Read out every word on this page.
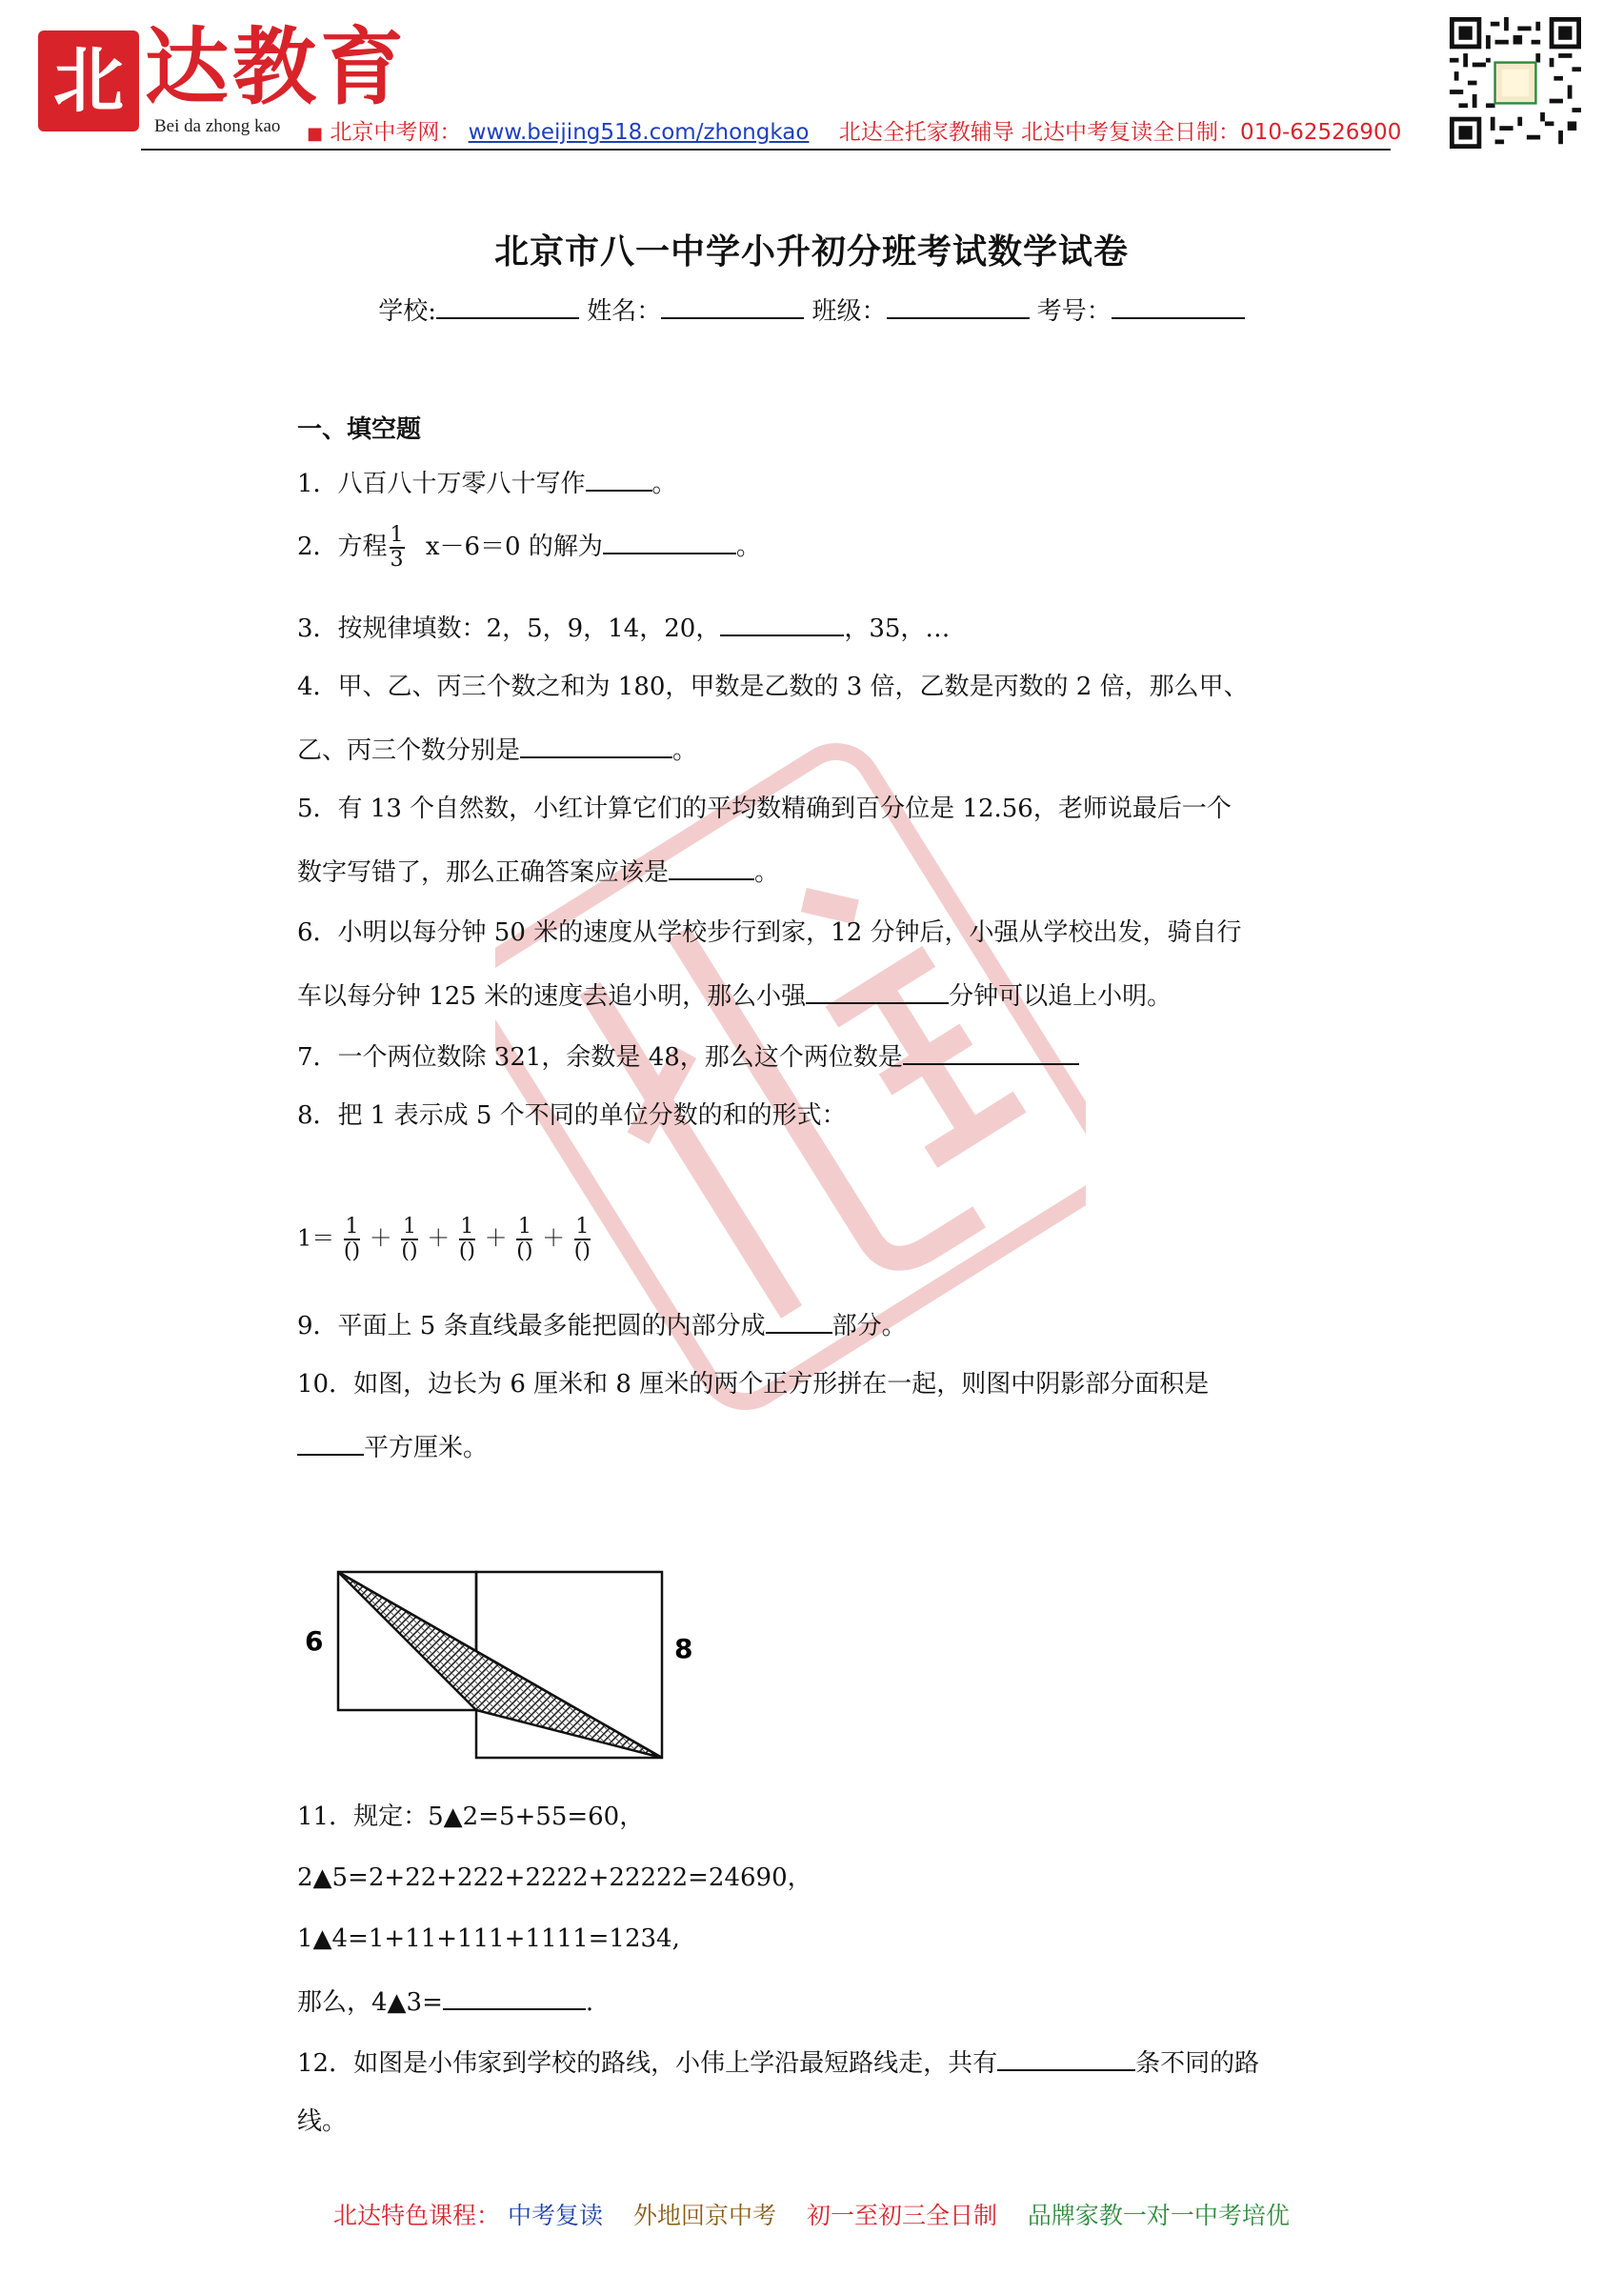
北 达教育
Bei da zhong kao ■ 北京中考网： www.beijing518.com/zhongkao 北达全托家教辅导 北达中考复读全日制：010-62526900
北京市八一中学小升初分班考试数学试卷
学校:	姓名：	班级：	考号：
一、填空题
1．八百八十万零八十写作	。
2．方程 $\frac{1}{3} x-6=0$ 的解为	。
3．按规律填数：2，5，9，14，20，	，35，…
4．甲、乙、丙三个数之和为 180，甲数是乙数的 3 倍，乙数是丙数的 2 倍，那么甲、
乙、丙三个数分别是	。
5．有 13 个自然数，小红计算它们的平均数精确到百分位是 12.56，老师说最后一个
数字写错了，那么正确答案应该是	。
6．小明以每分钟 50 米的速度从学校步行到家，12 分钟后，小强从学校出发，骑自行
车以每分钟 125 米的速度去追小明，那么小强	分钟可以追上小明。
7．一个两位数除 321，余数是 48，那么这个两位数是
8．把 1 表示成 5 个不同的单位分数的和的形式：
$1= \frac{1}{()} + \frac{1}{()} + \frac{1}{()} + \frac{1}{()} + \frac{1}{()}$
9．平面上 5 条直线最多能把圆的内部分成	部分。
10．如图，边长为 6 厘米和 8 厘米的两个正方形拼在一起，则图中阴影部分面积是
平方厘米。
6	8
11．规定：5▲2=5+55=60，
2▲5=2+22+222+2222+22222=24690，
1▲4=1+11+111+1111=1234,
那么，4▲3=	.
12．如图是小伟家到学校的路线，小伟上学沿最短路线走，共有	条不同的路
线。
北达特色课程： 中考复读 外地回京中考 初一至初三全日制 品牌家教一对一中考培优
